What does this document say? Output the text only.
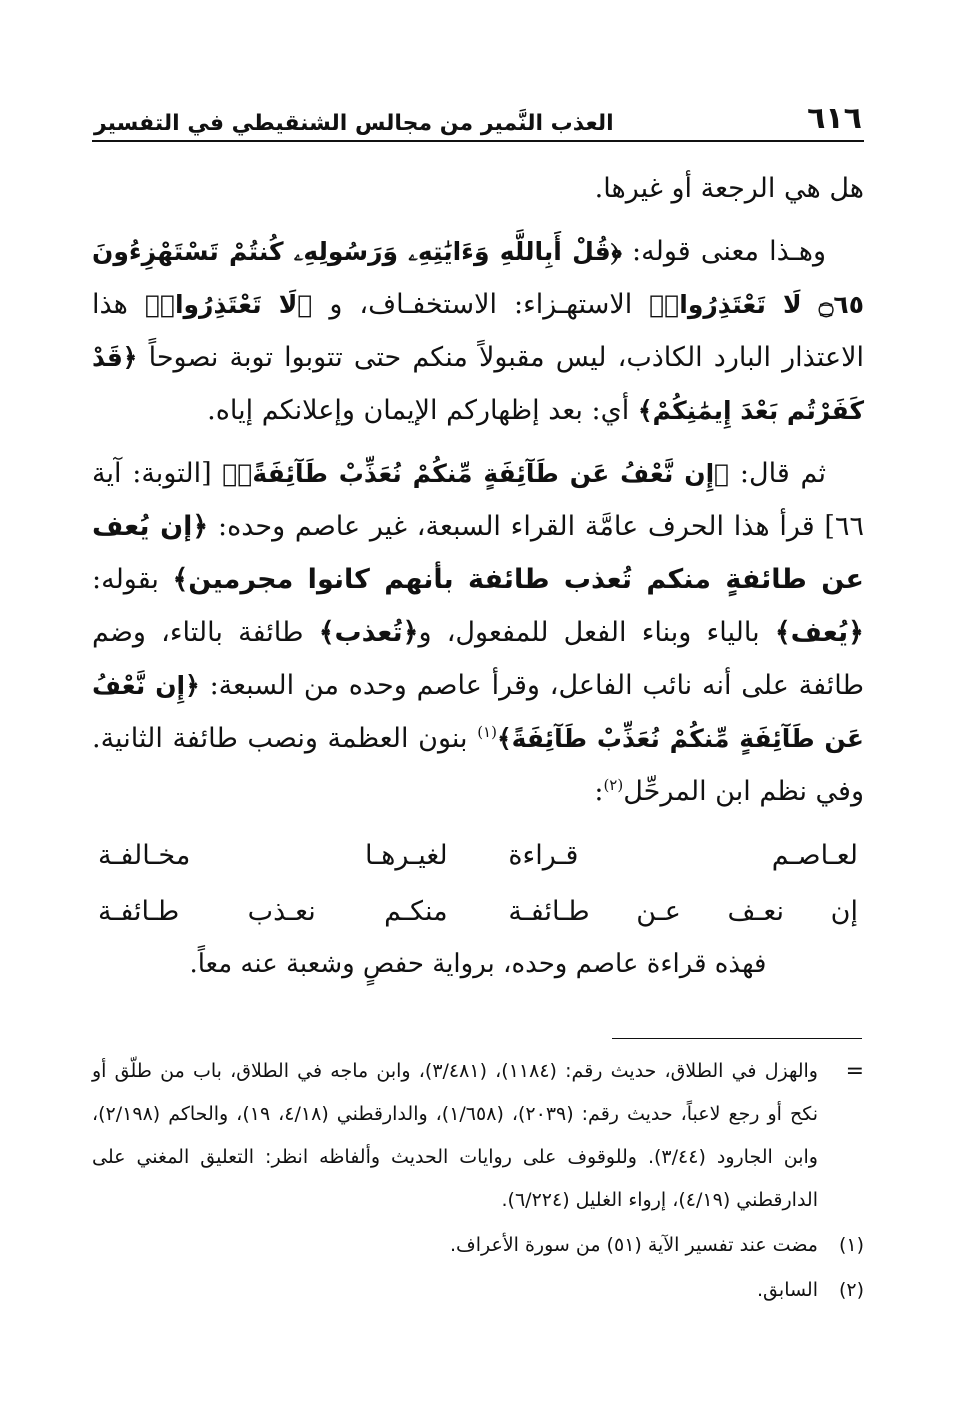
٦١٦
العذب النَّمير من مجالس الشنقيطي في التفسير

هل هي الرجعة أو غيرها.

وهـذا معنى قوله: ﴿قُلْ أَبِاللَّهِ وَءَايَٰتِهِۦ وَرَسُولِهِۦ كُنتُمْ تَسْتَهْزِءُونَ ۝٦٥ لَا تَعْتَذِرُوا۟﴾ الاستهـزاء: الاستخفـاف، و ﴿لَا تَعْتَذِرُوا۟﴾ هذا الاعتذار البارد الكاذب، ليس مقبولاً منكم حتى تتوبوا توبة نصوحاً ﴿قَدْ كَفَرْتُم بَعْدَ إِيمَٰنِكُمْ﴾ أي: بعد إظهاركم الإيمان وإعلانكم إياه.

ثم قال: ﴿إِن نَّعْفُ عَن طَآئِفَةٍ مِّنكُمْ نُعَذِّبْ طَآئِفَةًۢ﴾ [التوبة: آية ٦٦] قرأ هذا الحرف عامَّة القراء السبعة، غير عاصم وحده: ﴿إن يُعف عن طائفةٍ منكم تُعذب طائفة بأنهم كانوا مجرمين﴾ بقوله: ﴿يُعف﴾ بالياء وبناء الفعل للمفعول، و﴿تُعذب﴾ طائفة بالتاء، وضم طائفة على أنه نائب الفاعل، وقرأ عاصم وحده من السبعة: ﴿إِن نَّعْفُ عَن طَآئِفَةٍ مِّنكُمْ نُعَذِّبْ طَآئِفَةً﴾$^{(١)}$ بنون العظمة ونصب طائفة الثانية. وفي نظم ابن المرحِّل$^{(٢)}$:

لعـاصـم قـراءة
لغيـرهـا مخـالفـة
إن نعـف عـن طـائفـة
منكـم نعـذب طـائفـة

فهذه قراءة عاصم وحده، برواية حفصٍ وشعبة عنه معاً.

=
والهزل في الطلاق، حديث رقم: (١١٨٤)، (٣/٤٨١)، وابن ماجه في الطلاق، باب من طلّق أو نكح أو رجع لاعباً، حديث رقم: (٢٠٣٩)، (١/٦٥٨)، والدارقطني (٤/١٨، ١٩)، والحاكم (٢/١٩٨)، وابن الجارود (٣/٤٤). وللوقوف على روايات الحديث وألفاظه انظر: التعليق المغني على الدارقطني (٤/١٩)، إرواء الغليل (٦/٢٢٤).
(١)
مضت عند تفسير الآية (٥١) من سورة الأعراف.
(٢)
السابق.
